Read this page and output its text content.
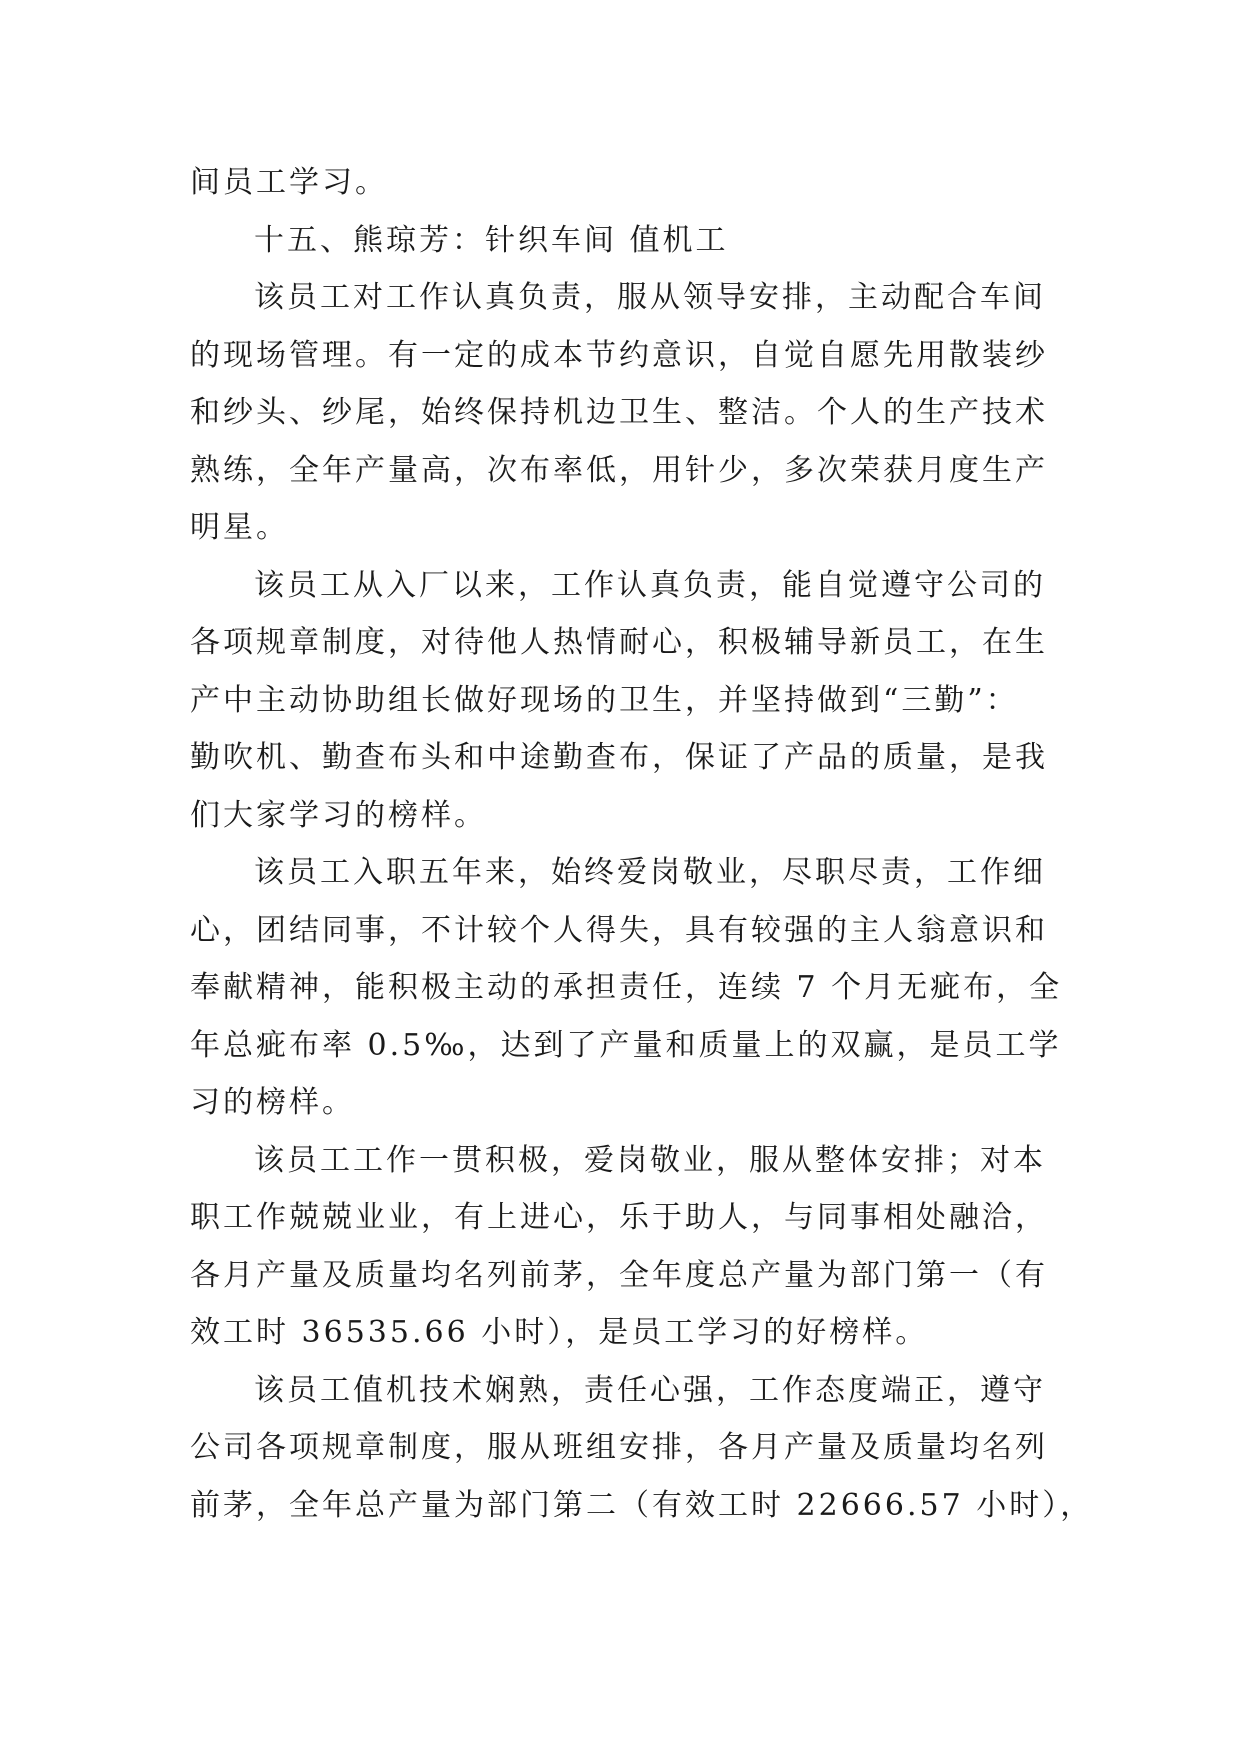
间员工学习。
十五、熊琼芳：针织车间 值机工
该员工对工作认真负责，服从领导安排，主动配合车间
的现场管理。有一定的成本节约意识，自觉自愿先用散装纱
和纱头、纱尾，始终保持机边卫生、整洁。个人的生产技术
熟练，全年产量高，次布率低，用针少，多次荣获月度生产
明星。
该员工从入厂以来，工作认真负责，能自觉遵守公司的
各项规章制度，对待他人热情耐心，积极辅导新员工，在生
产中主动协助组长做好现场的卫生，并坚持做到“三勤”：
勤吹机、勤查布头和中途勤查布，保证了产品的质量，是我
们大家学习的榜样。
该员工入职五年来，始终爱岗敬业，尽职尽责，工作细
心，团结同事，不计较个人得失，具有较强的主人翁意识和
奉献精神，能积极主动的承担责任，连续 7 个月无疵布，全
年总疵布率 0.5‰，达到了产量和质量上的双赢，是员工学
习的榜样。
该员工工作一贯积极，爱岗敬业，服从整体安排；对本
职工作兢兢业业，有上进心，乐于助人，与同事相处融洽，
各月产量及质量均名列前茅，全年度总产量为部门第一（有
效工时 36535.66 小时），是员工学习的好榜样。
该员工值机技术娴熟，责任心强，工作态度端正，遵守
公司各项规章制度，服从班组安排，各月产量及质量均名列
前茅，全年总产量为部门第二（有效工时 22666.57 小时），
